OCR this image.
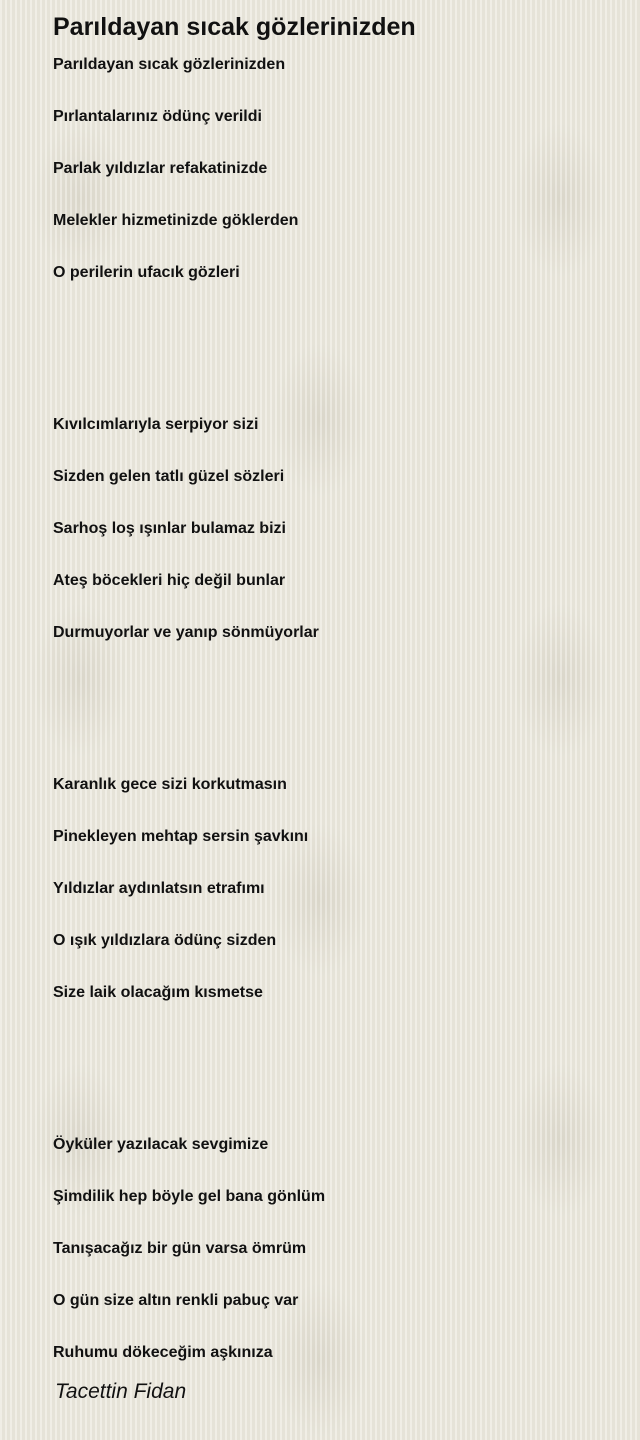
Parıldayan sıcak gözlerinizden
Parıldayan sıcak gözlerinizden
Pırlantalarınız ödünç verildi
Parlak yıldızlar refakatinizde
Melekler hizmetinizde göklerden
O perilerin ufacık gözleri
Kıvılcımlarıyla serpiyor sizi
Sizden gelen tatlı güzel sözleri
Sarhoş loş ışınlar bulamaz bizi
Ateş böcekleri hiç değil bunlar
Durmuyorlar ve yanıp sönmüyorlar
Karanlık gece sizi korkutmasın
Pinekleyen mehtap sersin şavkını
Yıldızlar aydınlatsın etrafımı
O ışık yıldızlara ödünç sizden
Size laik olacağım kısmetse
Öyküler yazılacak sevgimize
Şimdilik hep böyle gel bana gönlüm
Tanışacağız bir gün varsa ömrüm
O gün size altın renkli pabuç var
Ruhumu dökeceğim aşkınıza
Tacettin Fidan
